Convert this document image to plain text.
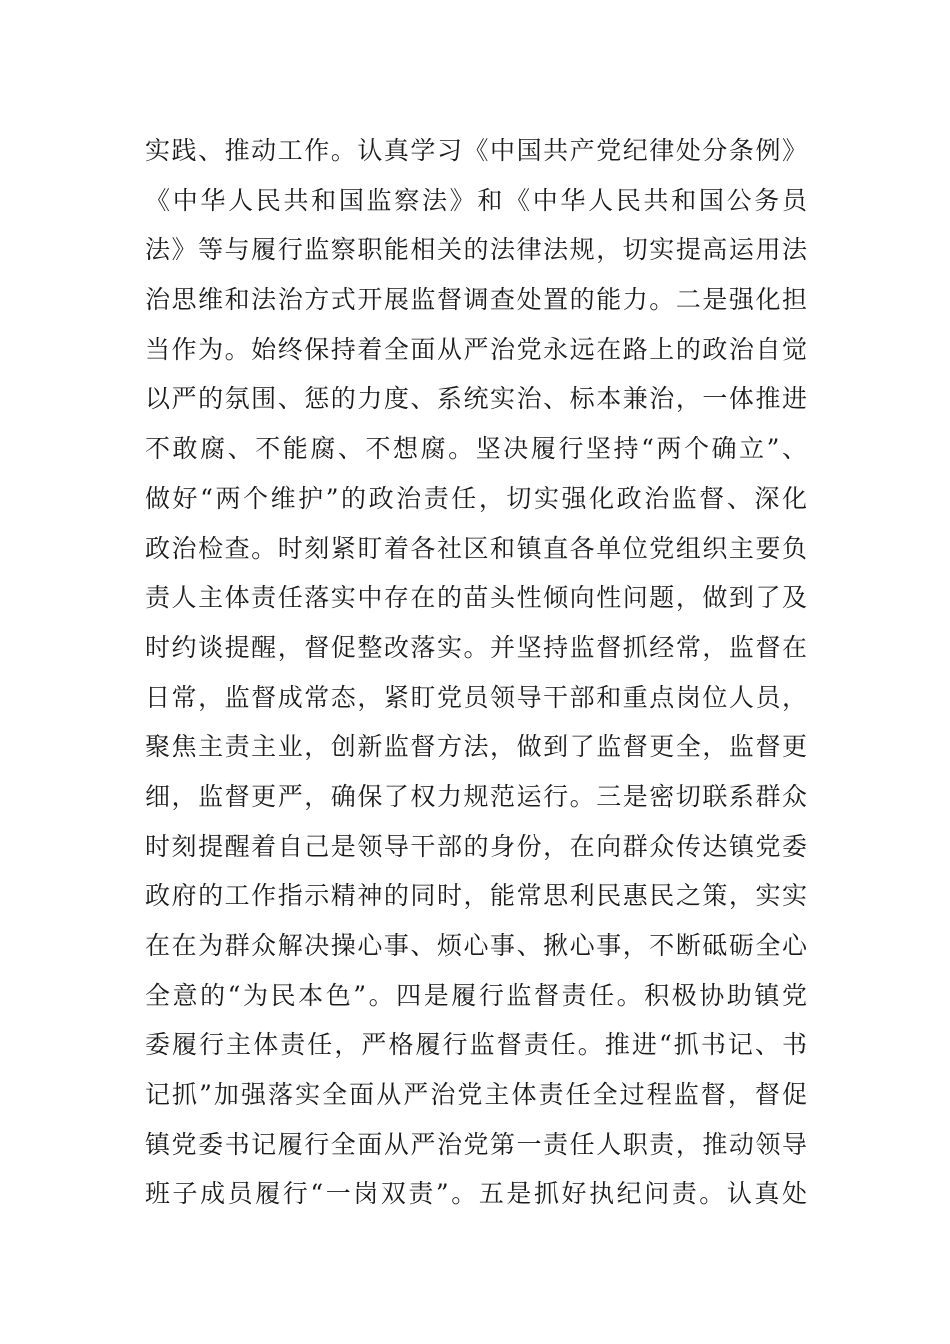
实践、推动工作。认真学习《中国共产党纪律处分条例》
《中华人民共和国监察法》和《中华人民共和国公务员
法》等与履行监察职能相关的法律法规，切实提高运用法
治思维和法治方式开展监督调查处置的能力。二是强化担
当作为。始终保持着全面从严治党永远在路上的政治自觉
以严的氛围、惩的力度、系统实治、标本兼治，一体推进
不敢腐、不能腐、不想腐。坚决履行坚持“两个确立”、
做好“两个维护”的政治责任，切实强化政治监督、深化
政治检查。时刻紧盯着各社区和镇直各单位党组织主要负
责人主体责任落实中存在的苗头性倾向性问题，做到了及
时约谈提醒，督促整改落实。并坚持监督抓经常，监督在
日常，监督成常态，紧盯党员领导干部和重点岗位人员，
聚焦主责主业，创新监督方法，做到了监督更全，监督更
细，监督更严，确保了权力规范运行。三是密切联系群众
时刻提醒着自己是领导干部的身份，在向群众传达镇党委
政府的工作指示精神的同时，能常思利民惠民之策，实实
在在为群众解决操心事、烦心事、揪心事，不断砥砺全心
全意的“为民本色”。四是履行监督责任。积极协助镇党
委履行主体责任，严格履行监督责任。推进“抓书记、书
记抓”加强落实全面从严治党主体责任全过程监督，督促
镇党委书记履行全面从严治党第一责任人职责，推动领导
班子成员履行“一岗双责”。五是抓好执纪问责。认真处
